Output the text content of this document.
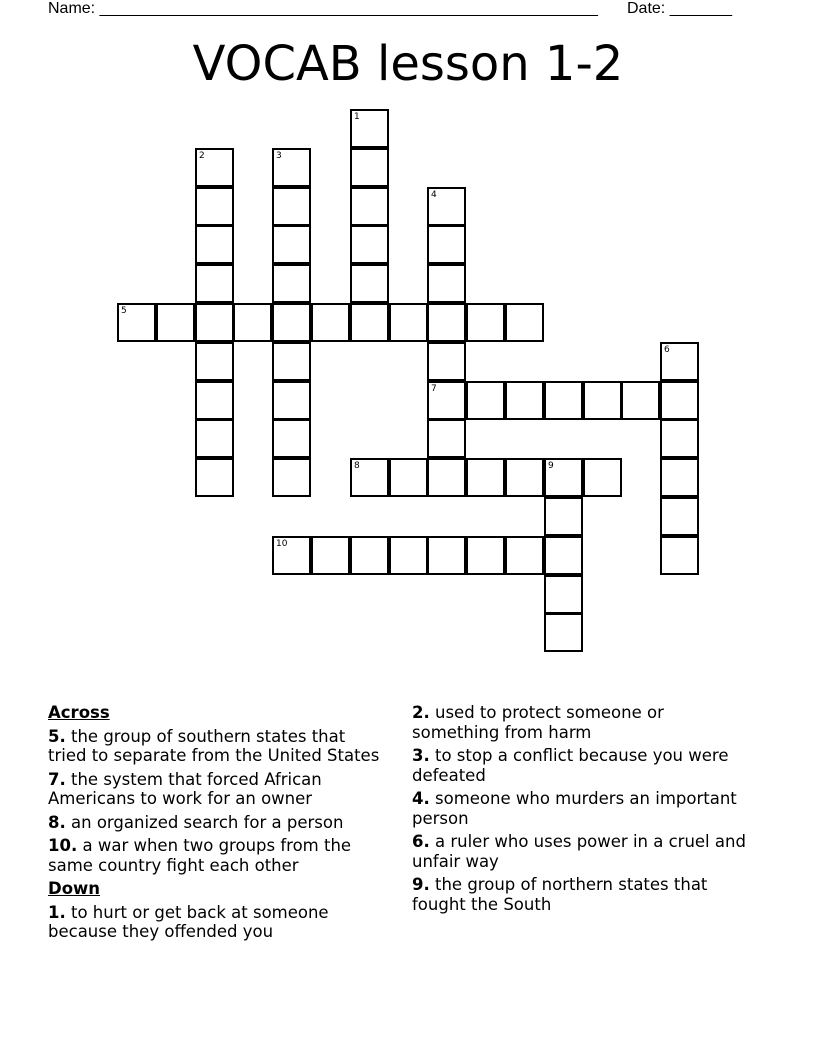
Name: ________________________________________________________ Date: _______
VOCAB lesson 1-2
1
2	3
4
7
5
6
8	9
10
Across
5. the group of southern states that tried to separate from the United States
7. the system that forced African Americans to work for an owner
8. an organized search for a person
10. a war when two groups from the same country fight each other
Down
1. to hurt or get back at someone because they offended you
2. used to protect someone or something from harm
3. to stop a conflict because you were defeated
4. someone who murders an important person
6. a ruler who uses power in a cruel and unfair way
9. the group of northern states that fought the South
